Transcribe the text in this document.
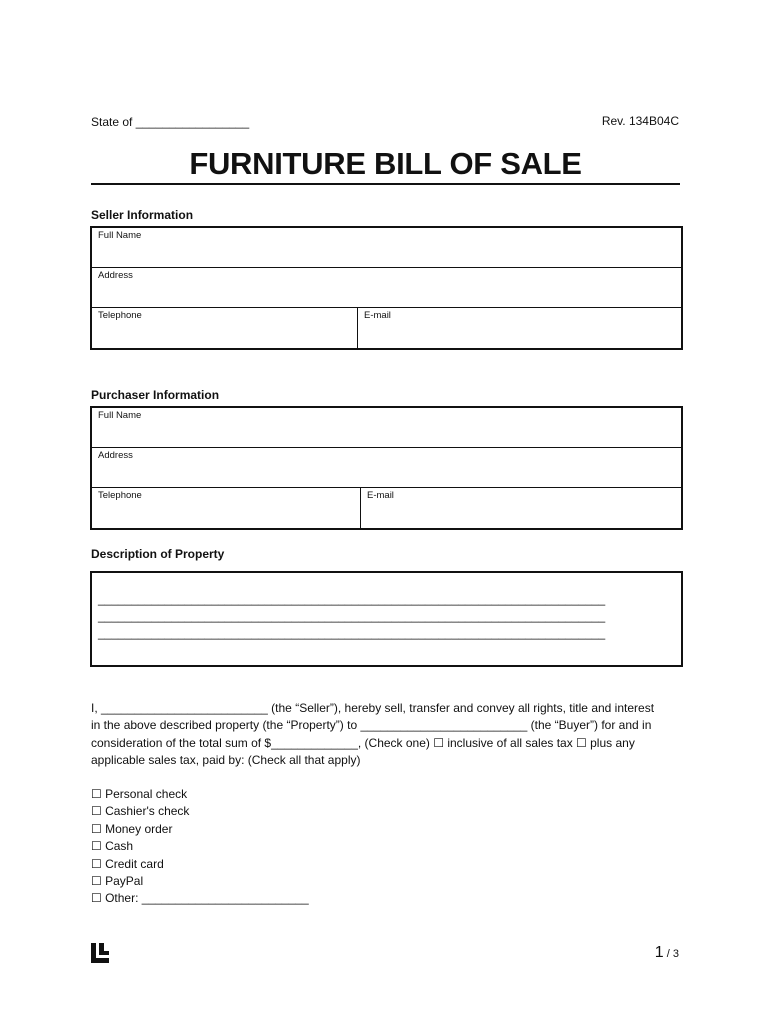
State of _________________	Rev. 134B04C
FURNITURE BILL OF SALE
Seller Information
Full Name
Address
Telephone	E-mail
Purchaser Information
Full Name
Address
Telephone	E-mail
Description of Property
____________________________________________________________________________
____________________________________________________________________________
____________________________________________________________________________
I, _________________________ (the “Seller”), hereby sell, transfer and convey all rights, title and interest
in the above described property (the “Property”) to _________________________ (the “Buyer”) for and in
consideration of the total sum of $_____________, (Check one) ☐ inclusive of all sales tax ☐ plus any
applicable sales tax, paid by: (Check all that apply)
☐ Personal check
☐ Cashier's check
☐ Money order
☐ Cash
☐ Credit card
☐ PayPal
☐ Other: _________________________
1 / 3
